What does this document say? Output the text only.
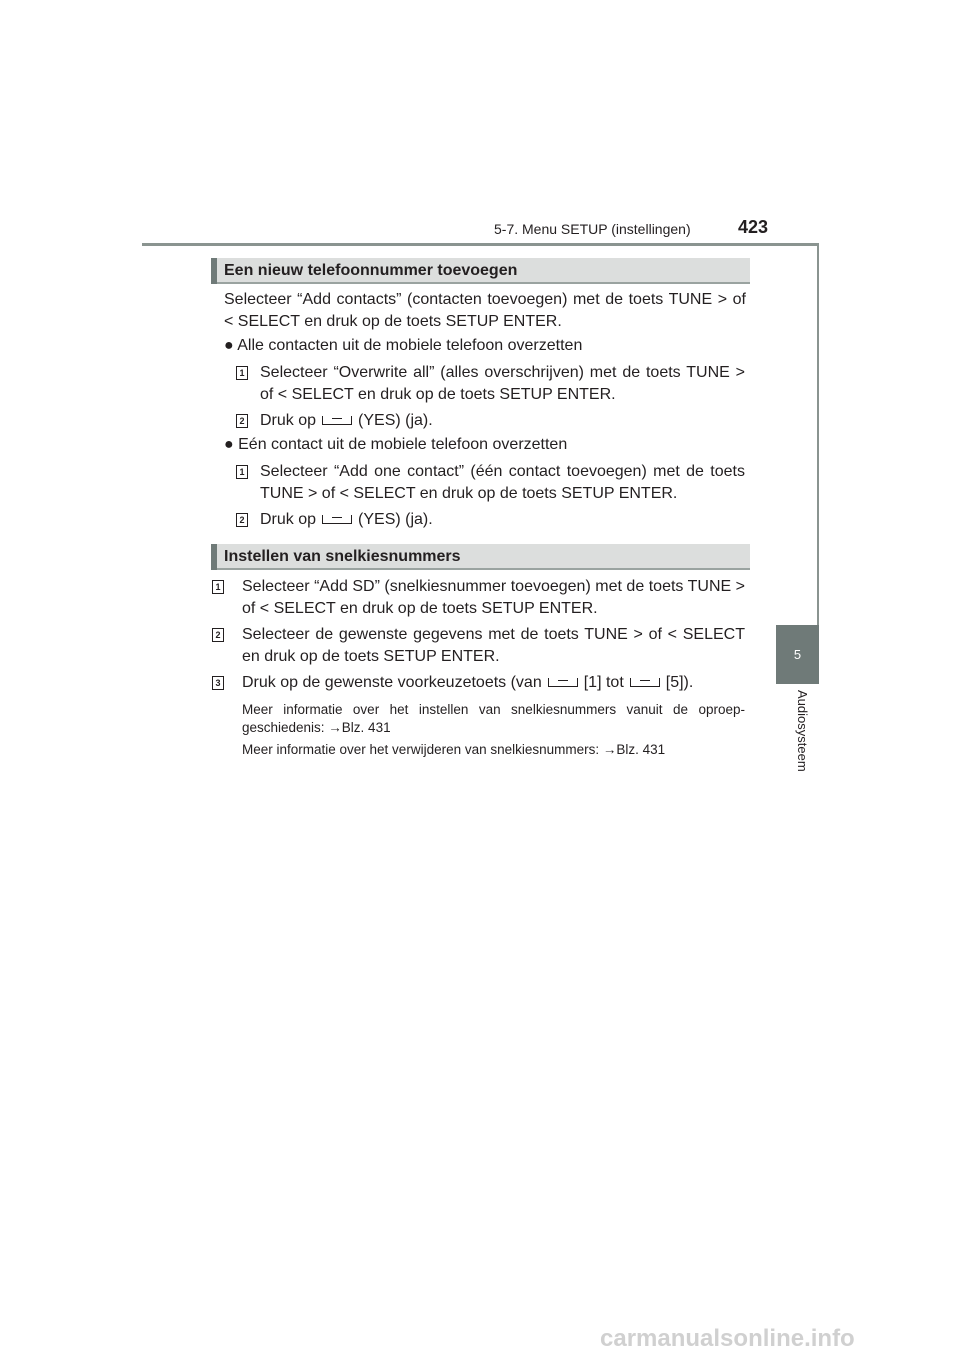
5-7. Menu SETUP (instellingen)	423
5
Audiosysteem
Een nieuw telefoonnummer toevoegen
Selecteer “Add contacts” (contacten toevoegen) met de toets TUNE > of < SELECT en druk op de toets SETUP ENTER.
● Alle contacten uit de mobiele telefoon overzetten
1 Selecteer “Overwrite all” (alles overschrijven) met de toets TUNE > of < SELECT en druk op de toets SETUP ENTER.
2 Druk op	(YES) (ja).
● Eén contact uit de mobiele telefoon overzetten
1 Selecteer “Add one contact” (één contact toevoegen) met de toets TUNE > of < SELECT en druk op de toets SETUP ENTER.
2 Druk op	(YES) (ja).
Instellen van snelkiesnummers
1 Selecteer “Add SD” (snelkiesnummer toevoegen) met de toets TUNE > of < SELECT en druk op de toets SETUP ENTER.
2 Selecteer de gewenste gegevens met de toets TUNE > of < SELECT en druk op de toets SETUP ENTER.
3 Druk op de gewenste voorkeuzetoets (van	[1] tot	[5]).
Meer informatie over het instellen van snelkiesnummers vanuit de oproep-geschiedenis: →Blz. 431
Meer informatie over het verwijderen van snelkiesnummers: →Blz. 431
carmanualsonline.info
